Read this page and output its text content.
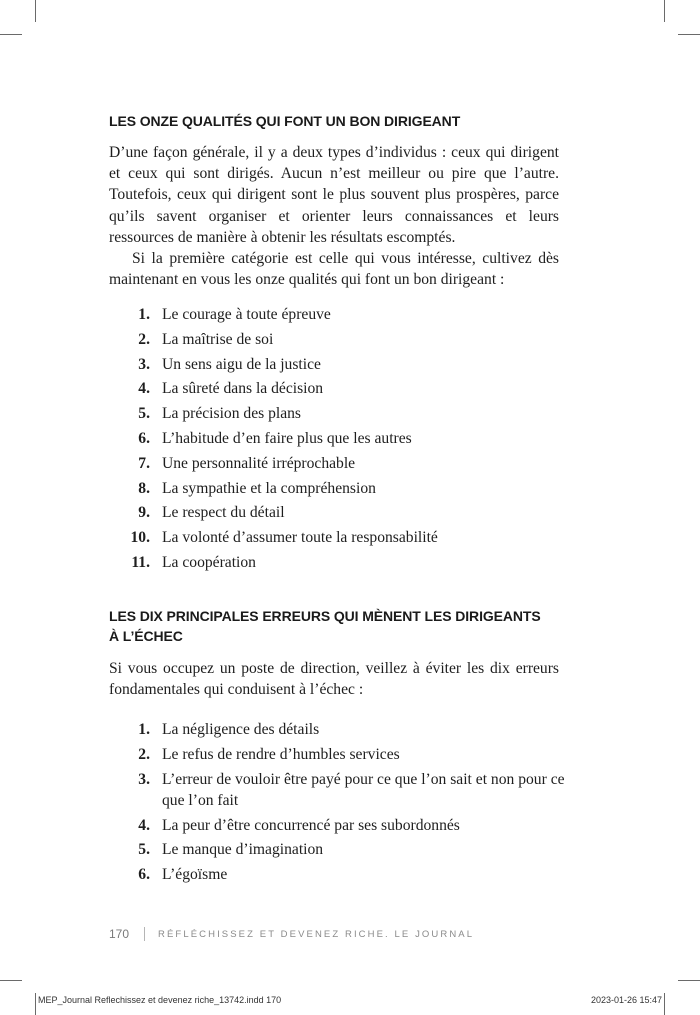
LES ONZE QUALITÉS QUI FONT UN BON DIRIGEANT

D’une façon générale, il y a deux types d’individus : ceux qui dirigent et ceux qui sont dirigés. Aucun n’est meilleur ou pire que l’autre. Toutefois, ceux qui dirigent sont le plus souvent plus prospères, parce qu’ils savent organiser et orienter leurs connaissances et leurs ressources de manière à obtenir les résultats escomptés.

Si la première catégorie est celle qui vous intéresse, cultivez dès maintenant en vous les onze qualités qui font un bon dirigeant :

1. Le courage à toute épreuve
2. La maîtrise de soi
3. Un sens aigu de la justice
4. La sûreté dans la décision
5. La précision des plans
6. L’habitude d’en faire plus que les autres
7. Une personnalité irréprochable
8. La sympathie et la compréhension
9. Le respect du détail
10. La volonté d’assumer toute la responsabilité
11. La coopération
LES DIX PRINCIPALES ERREURS QUI MÈNENT LES DIRIGEANTS
À L’ÉCHEC

Si vous occupez un poste de direction, veillez à éviter les dix erreurs fondamentales qui conduisent à l’échec :

1. La négligence des détails
2. Le refus de rendre d’humbles services
3. L’erreur de vouloir être payé pour ce que l’on sait et non pour ce que l’on fait
4. La peur d’être concurrencé par ses subordonnés
5. Le manque d’imagination
6. L’égoïsme
170	RÉFLÉCHISSEZ ET DEVENEZ RICHE. LE JOURNAL
MEP_Journal Reflechissez et devenez riche_13742.indd 170	2023-01-26 15:47
